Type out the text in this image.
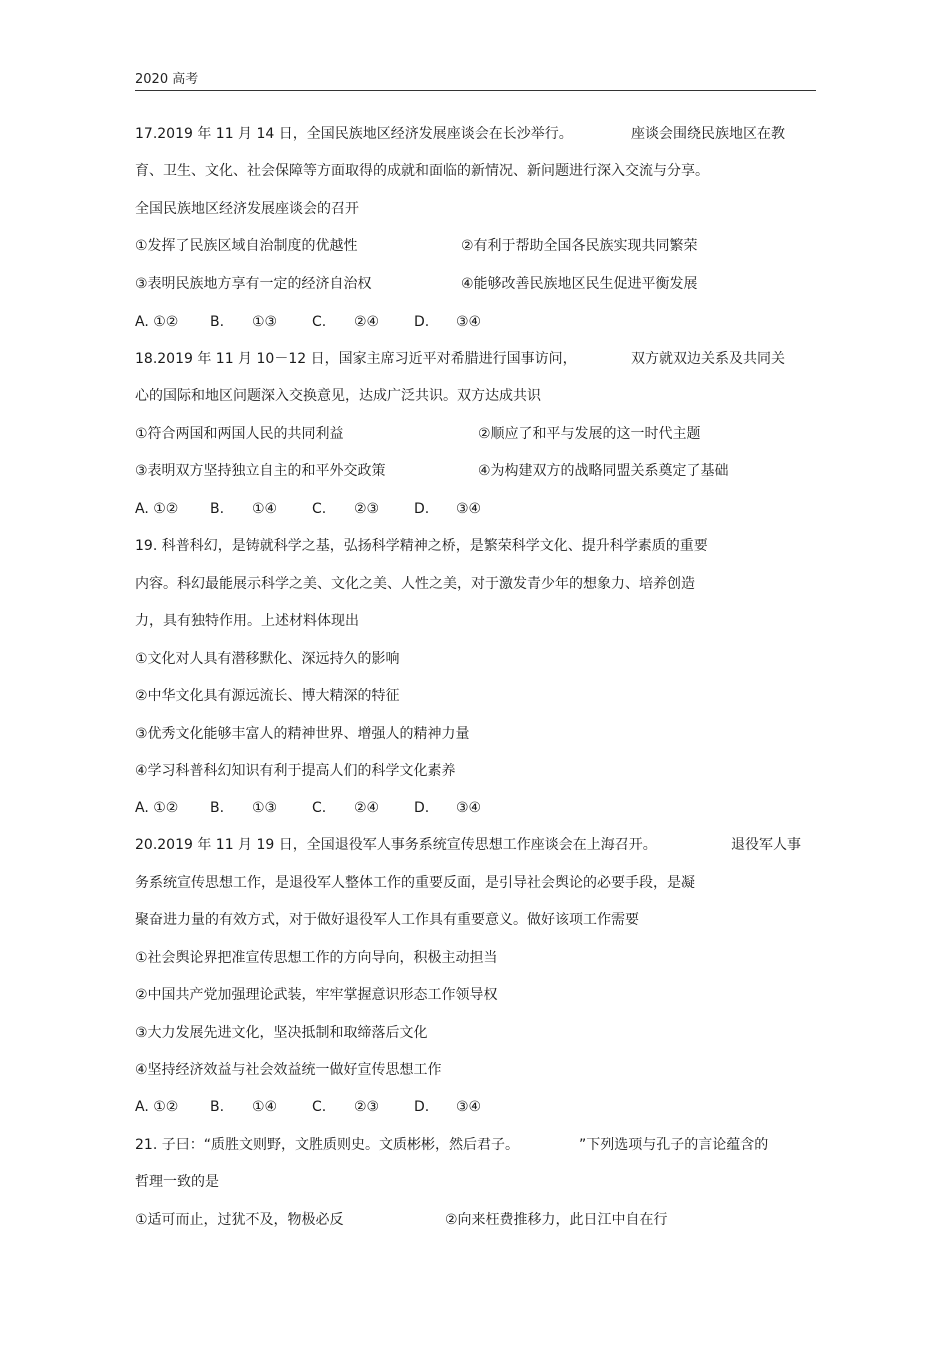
2020 高考
17.2019 年 11 月 14 日，全国民族地区经济发展座谈会在长沙举行。	座谈会围绕民族地区在教
育、卫生、文化、社会保障等方面取得的成就和面临的新情况、新问题进行深入交流与分享。
全国民族地区经济发展座谈会的召开
①发挥了民族区域自治制度的优越性	②有利于帮助全国各民族实现共同繁荣
③表明民族地方享有一定的经济自治权	④能够改善民族地区民生促进平衡发展
A. ①② B. ①③ C. ②④ D. ③④
18.2019 年 11 月 10－12 日，国家主席习近平对希腊进行国事访问，	双方就双边关系及共同关
心的国际和地区问题深入交换意见，达成广泛共识。双方达成共识
①符合两国和两国人民的共同利益	②顺应了和平与发展的这一时代主题
③表明双方坚持独立自主的和平外交政策	④为构建双方的战略同盟关系奠定了基础
A. ①② B. ①④ C. ②③ D. ③④
19. 科普科幻，是铸就科学之基，弘扬科学精神之桥，是繁荣科学文化、提升科学素质的重要
内容。科幻最能展示科学之美、文化之美、人性之美，对于激发青少年的想象力、培养创造
力，具有独特作用。上述材料体现出
①文化对人具有潜移默化、深远持久的影响
②中华文化具有源远流长、博大精深的特征
③优秀文化能够丰富人的精神世界、增强人的精神力量
④学习科普科幻知识有利于提高人们的科学文化素养
A. ①② B. ①③ C. ②④ D. ③④
20.2019 年 11 月 19 日，全国退役军人事务系统宣传思想工作座谈会在上海召开。	退役军人事
务系统宣传思想工作，是退役军人整体工作的重要反面，是引导社会舆论的必要手段，是凝
聚奋进力量的有效方式，对于做好退役军人工作具有重要意义。做好该项工作需要
①社会舆论界把准宣传思想工作的方向导向，积极主动担当
②中国共产党加强理论武装，牢牢掌握意识形态工作领导权
③大力发展先进文化，坚决抵制和取缔落后文化
④坚持经济效益与社会效益统一做好宣传思想工作
A. ①② B. ①④ C. ②③ D. ③④
21. 子曰：“质胜文则野，文胜质则史。文质彬彬，然后君子。	”下列选项与孔子的言论蕴含的
哲理一致的是
①适可而止，过犹不及，物极必反	②向来枉费推移力，此日江中自在行
